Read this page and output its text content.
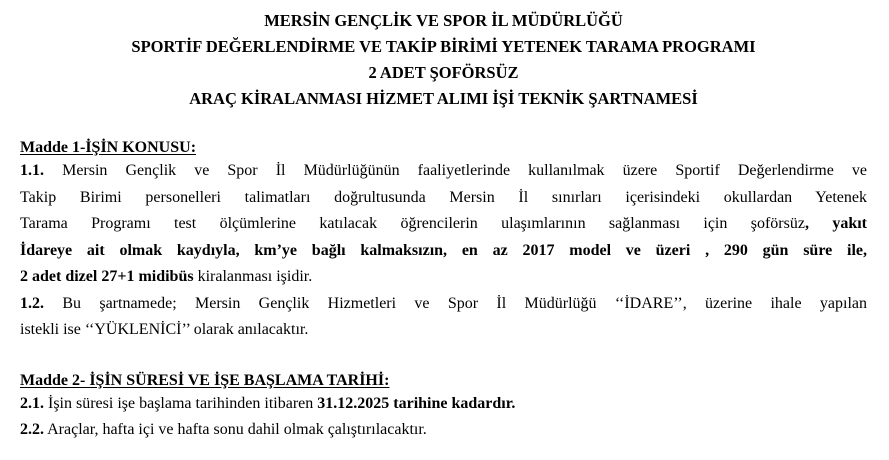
MERSİN GENÇLİK VE SPOR İL MÜDÜRLÜĞÜ
SPORTİF DEĞERLENDİRME VE TAKİP BİRİMİ YETENEK TARAMA PROGRAMI
2 ADET ŞOFÖRSÜZ
ARAÇ KİRALANMASI HİZMET ALIMI İŞİ TEKNİK ŞARTNAMESİ
Madde 1-İŞİN KONUSU:
1.1. Mersin Gençlik ve Spor İl Müdürlüğünün faaliyetlerinde kullanılmak üzere Sportif Değerlendirme ve
Takip Birimi personelleri talimatları doğrultusunda Mersin İl sınırları içerisindeki okullardan Yetenek
Tarama Programı test ölçümlerine katılacak öğrencilerin ulaşımlarının sağlanması için şoförsüz, yakıt
İdareye ait olmak kaydıyla, km’ye bağlı kalmaksızın, en az 2017 model ve üzeri , 290 gün süre ile,
2 adet dizel 27+1 midibüs kiralanması işidir.
1.2. Bu şartnamede; Mersin Gençlik Hizmetleri ve Spor İl Müdürlüğü ‘‘İDARE’’, üzerine ihale yapılan
istekli ise ‘‘YÜKLENİCİ’’ olarak anılacaktır.
Madde 2- İŞİN SÜRESİ VE İŞE BAŞLAMA TARİHİ:
2.1. İşin süresi işe başlama tarihinden itibaren 31.12.2025 tarihine kadardır.
2.2. Araçlar, hafta içi ve hafta sonu dahil olmak çalıştırılacaktır.
